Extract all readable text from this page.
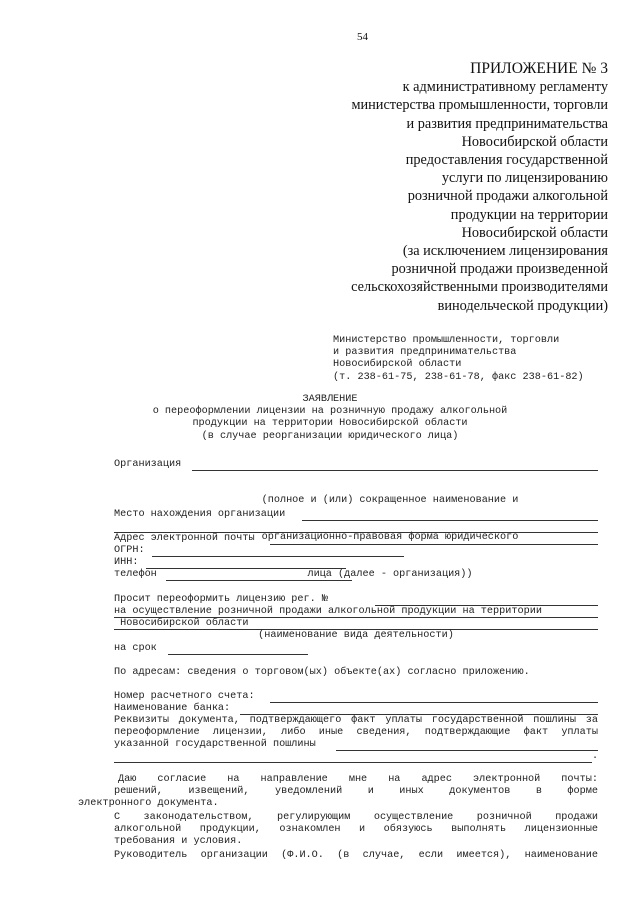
54
ПРИЛОЖЕНИЕ № 3
к административному регламенту
министерства промышленности, торговли
и развития предпринимательства
Новосибирской области
предоставления государственной
услуги по лицензированию
розничной продажи алкогольной
продукции на территории
Новосибирской области
(за исключением лицензирования
розничной продажи произведенной
сельскохозяйственными производителями
винодельческой продукции)
Министерство промышленности, торговли
и развития предпринимательства
Новосибирской области
(т. 238-61-75, 238-61-78, факс 238-61-82)
ЗАЯВЛЕНИЕ
о переоформлении лицензии на розничную продажу алкогольной
продукции на территории Новосибирской области
(в случае реорганизации юридического лица)
Организация

(полное и (или) сокращенное наименование и

организационно-правовая форма юридического

лица (далее - организация))

Место нахождения организации
Адрес электронной почты
ОГРН:
ИНН:
телефон
Просит переоформить лицензию рег. №
на осуществление розничной продажи алкогольной продукции на территории
Новосибирской области
(наименование вида деятельности)
на срок
По адресам: сведения о торговом(ых) объекте(ах) согласно приложению.
Номер расчетного счета:
Наименование банка:
Реквизиты документа, подтверждающего факт уплаты государственной пошлины за
переоформление лицензии, либо иные сведения, подтверждающие факт уплаты
указанной государственной пошлины
.
Даю согласие на направление мне на адрес электронной почты:
решений, извещений, уведомлений и иных документов в форме
электронного документа.
С законодательством, регулирующим осуществление розничной продажи
алкогольной продукции, ознакомлен и обязуюсь выполнять лицензионные
требования и условия.
Руководитель организации (Ф.И.О. (в случае, если имеется), наименование
